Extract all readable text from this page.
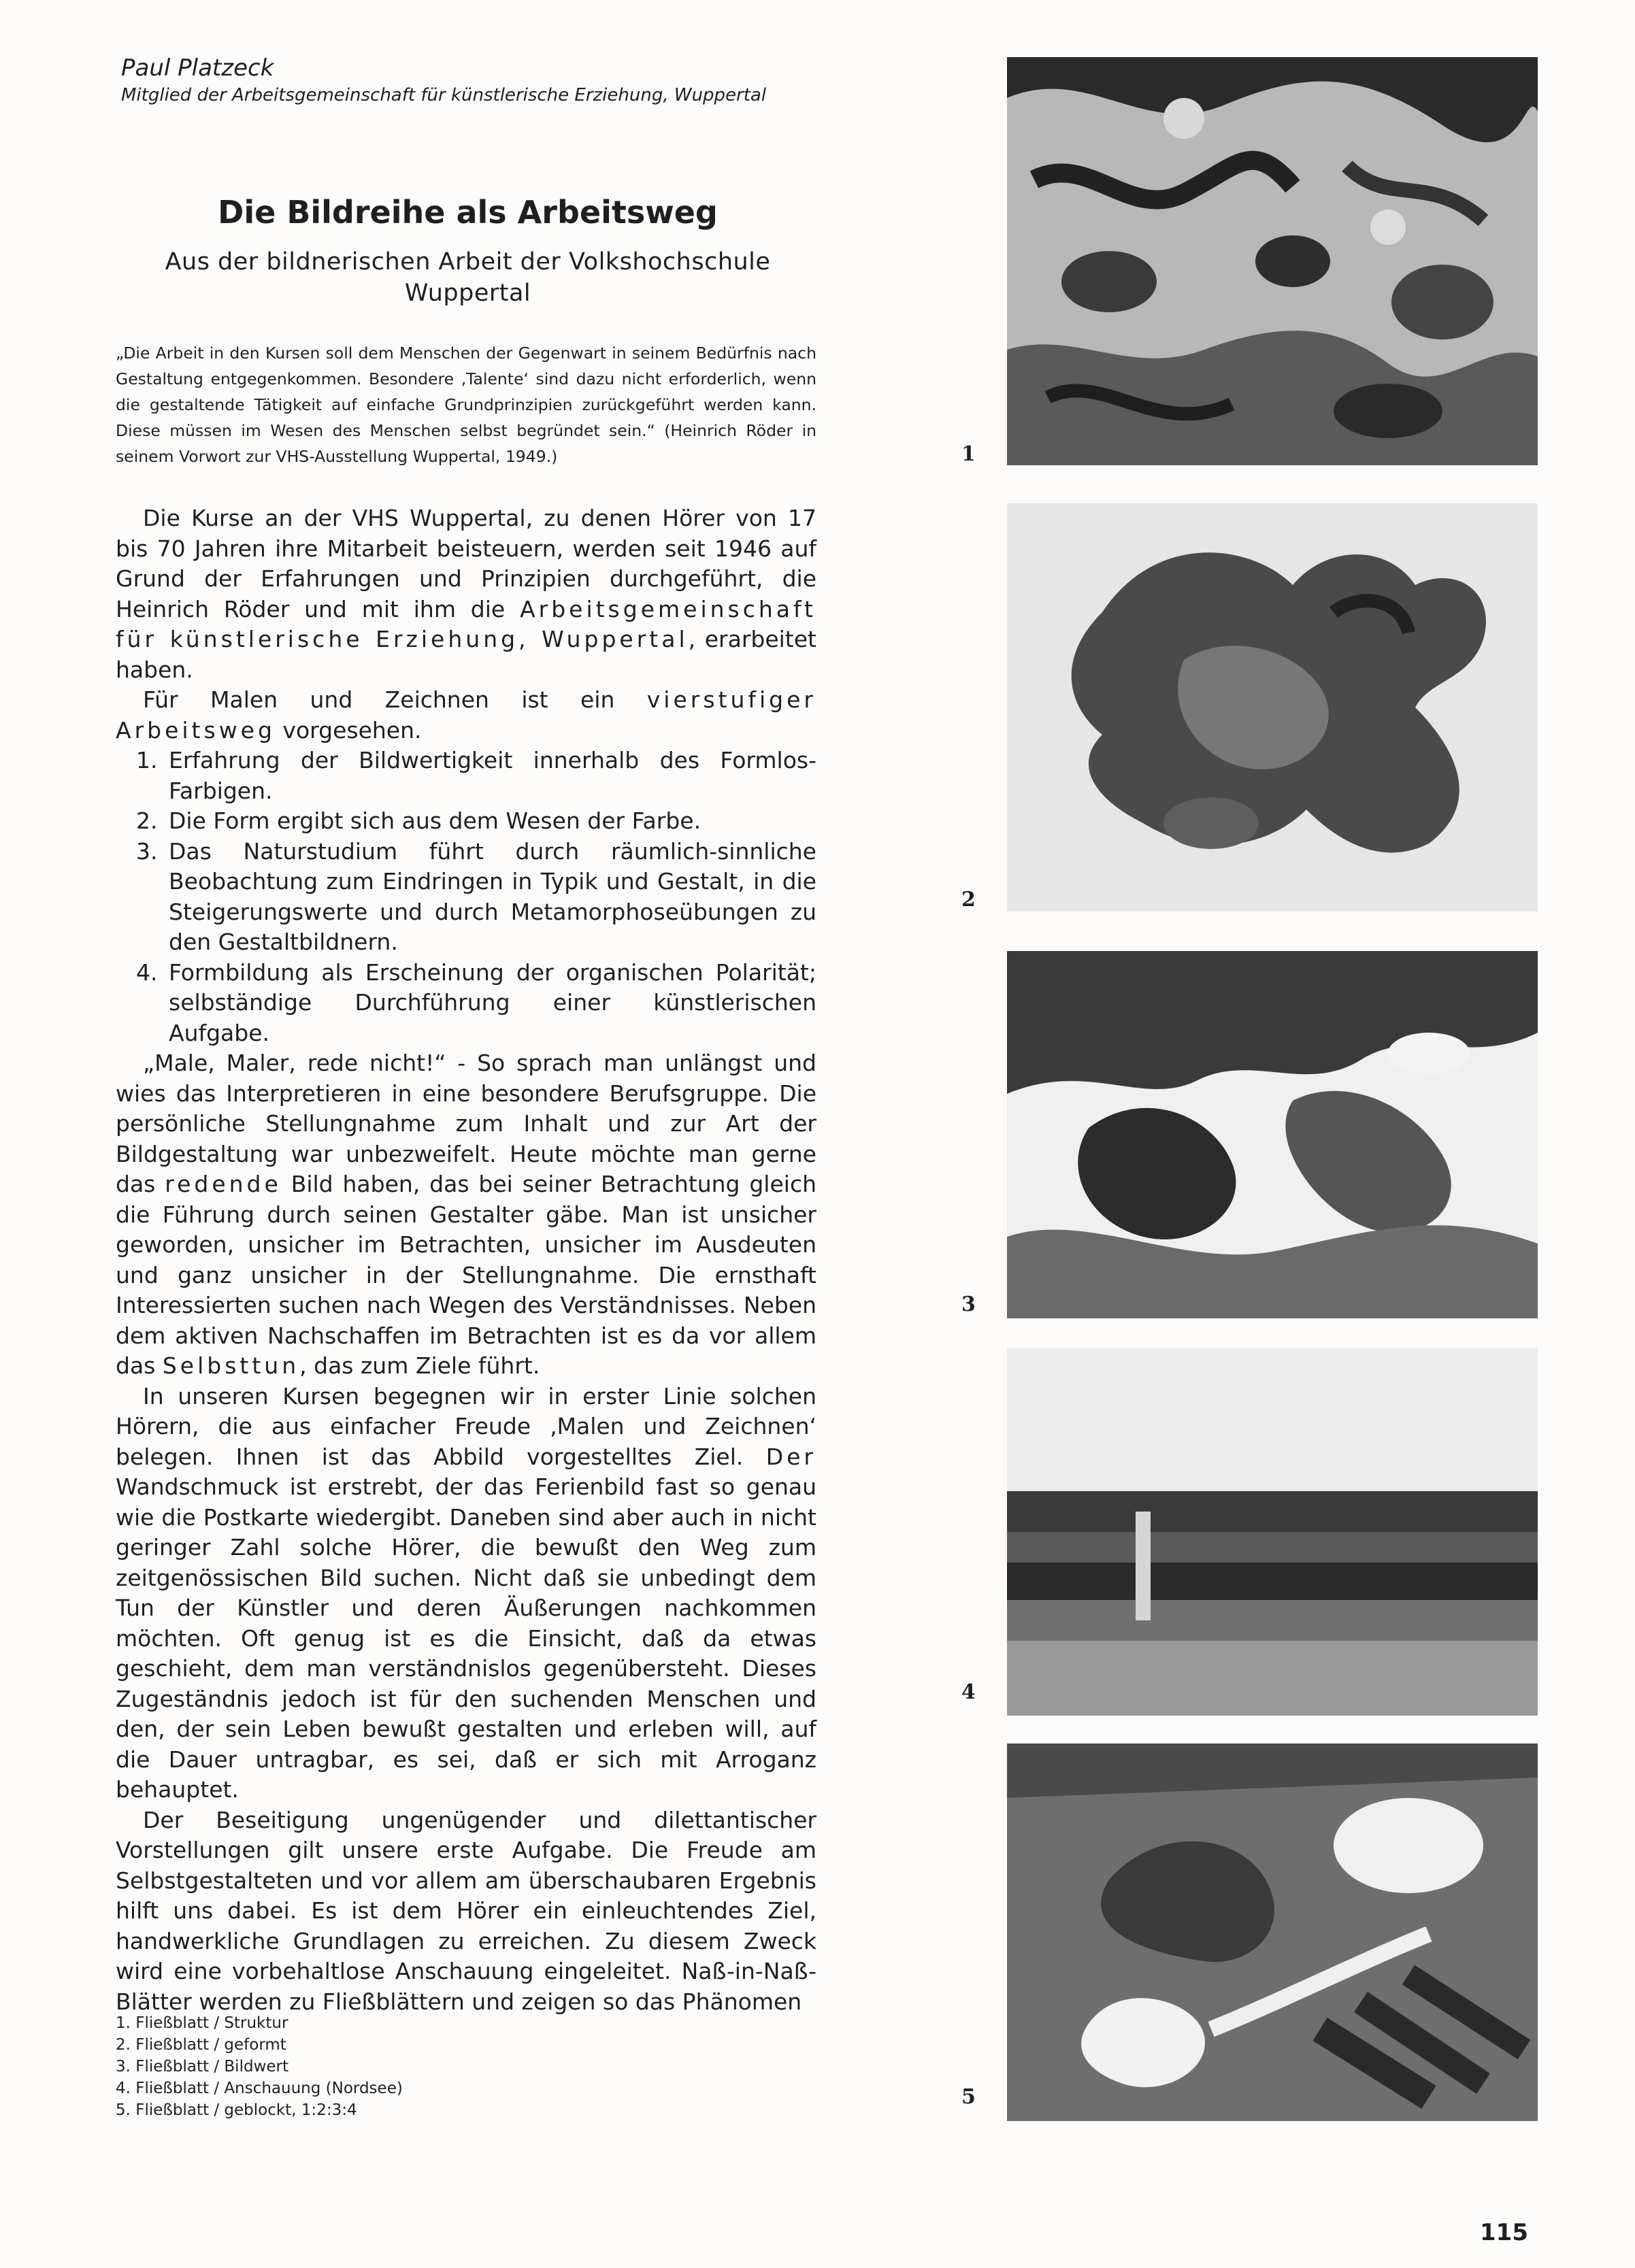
Paul Platzeck
Mitglied der Arbeitsgemeinschaft für künstlerische Erziehung, Wuppertal
Die Bildreihe als Arbeitsweg
Aus der bildnerischen Arbeit der Volkshochschule Wuppertal

„Die Arbeit in den Kursen soll dem Menschen der Gegenwart in seinem Bedürfnis nach Gestaltung entgegenkommen. Besondere ‚Talente‘ sind dazu nicht erforderlich, wenn die gestaltende Tätigkeit auf einfache Grundprinzipien zurückgeführt werden kann. Diese müssen im Wesen des Menschen selbst begründet sein.“ (Heinrich Röder in seinem Vorwort zur VHS-Ausstellung Wuppertal, 1949.)

Die Kurse an der VHS Wuppertal, zu denen Hörer von 17 bis 70 Jahren ihre Mitarbeit beisteuern, werden seit 1946 auf Grund der Erfahrungen und Prinzipien durchgeführt, die Heinrich Röder und mit ihm die Arbeitsgemeinschaft für künstlerische Erziehung, Wuppertal, erarbeitet haben.

Für Malen und Zeichnen ist ein vierstufiger Arbeitsweg vorgesehen.

1. Erfahrung der Bildwertigkeit innerhalb des Formlos-Farbigen.
2. Die Form ergibt sich aus dem Wesen der Farbe.
3. Das Naturstudium führt durch räumlich-sinnliche Beobachtung zum Eindringen in Typik und Gestalt, in die Steigerungswerte und durch Metamorphoseübungen zu den Gestaltbildnern.
4. Formbildung als Erscheinung der organischen Polarität; selbständige Durchführung einer künstlerischen Aufgabe.

„Male, Maler, rede nicht!“ - So sprach man unlängst und wies das Interpretieren in eine besondere Berufsgruppe. Die persönliche Stellungnahme zum Inhalt und zur Art der Bildgestaltung war unbezweifelt. Heute möchte man gerne das redende Bild haben, das bei seiner Betrachtung gleich die Führung durch seinen Gestalter gäbe. Man ist unsicher geworden, unsicher im Betrachten, unsicher im Ausdeuten und ganz unsicher in der Stellungnahme. Die ernsthaft Interessierten suchen nach Wegen des Verständnisses. Neben dem aktiven Nachschaffen im Betrachten ist es da vor allem das Selbsttun, das zum Ziele führt.

In unseren Kursen begegnen wir in erster Linie solchen Hörern, die aus einfacher Freude ‚Malen und Zeichnen‘ belegen. Ihnen ist das Abbild vorgestelltes Ziel. Der Wandschmuck ist erstrebt, der das Ferienbild fast so genau wie die Postkarte wiedergibt. Daneben sind aber auch in nicht geringer Zahl solche Hörer, die bewußt den Weg zum zeitgenössischen Bild suchen. Nicht daß sie unbedingt dem Tun der Künstler und deren Äußerungen nachkommen möchten. Oft genug ist es die Einsicht, daß da etwas geschieht, dem man verständnislos gegenübersteht. Dieses Zugeständnis jedoch ist für den suchenden Menschen und den, der sein Leben bewußt gestalten und erleben will, auf die Dauer untragbar, es sei, daß er sich mit Arroganz behauptet.

Der Beseitigung ungenügender und dilettantischer Vorstellungen gilt unsere erste Aufgabe. Die Freude am Selbstgestalteten und vor allem am überschaubaren Ergebnis hilft uns dabei. Es ist dem Hörer ein einleuchtendes Ziel, handwerkliche Grundlagen zu erreichen. Zu diesem Zweck wird eine vorbehaltlose Anschauung eingeleitet. Naß-in-Naß-Blätter werden zu Fließblättern und zeigen so das Phänomen

1. Fließblatt / Struktur
2. Fließblatt / geformt
3. Fließblatt / Bildwert
4. Fließblatt / Anschauung (Nordsee)
5. Fließblatt / geblockt, 1:2:3:4
1
2
3
4
5
115
